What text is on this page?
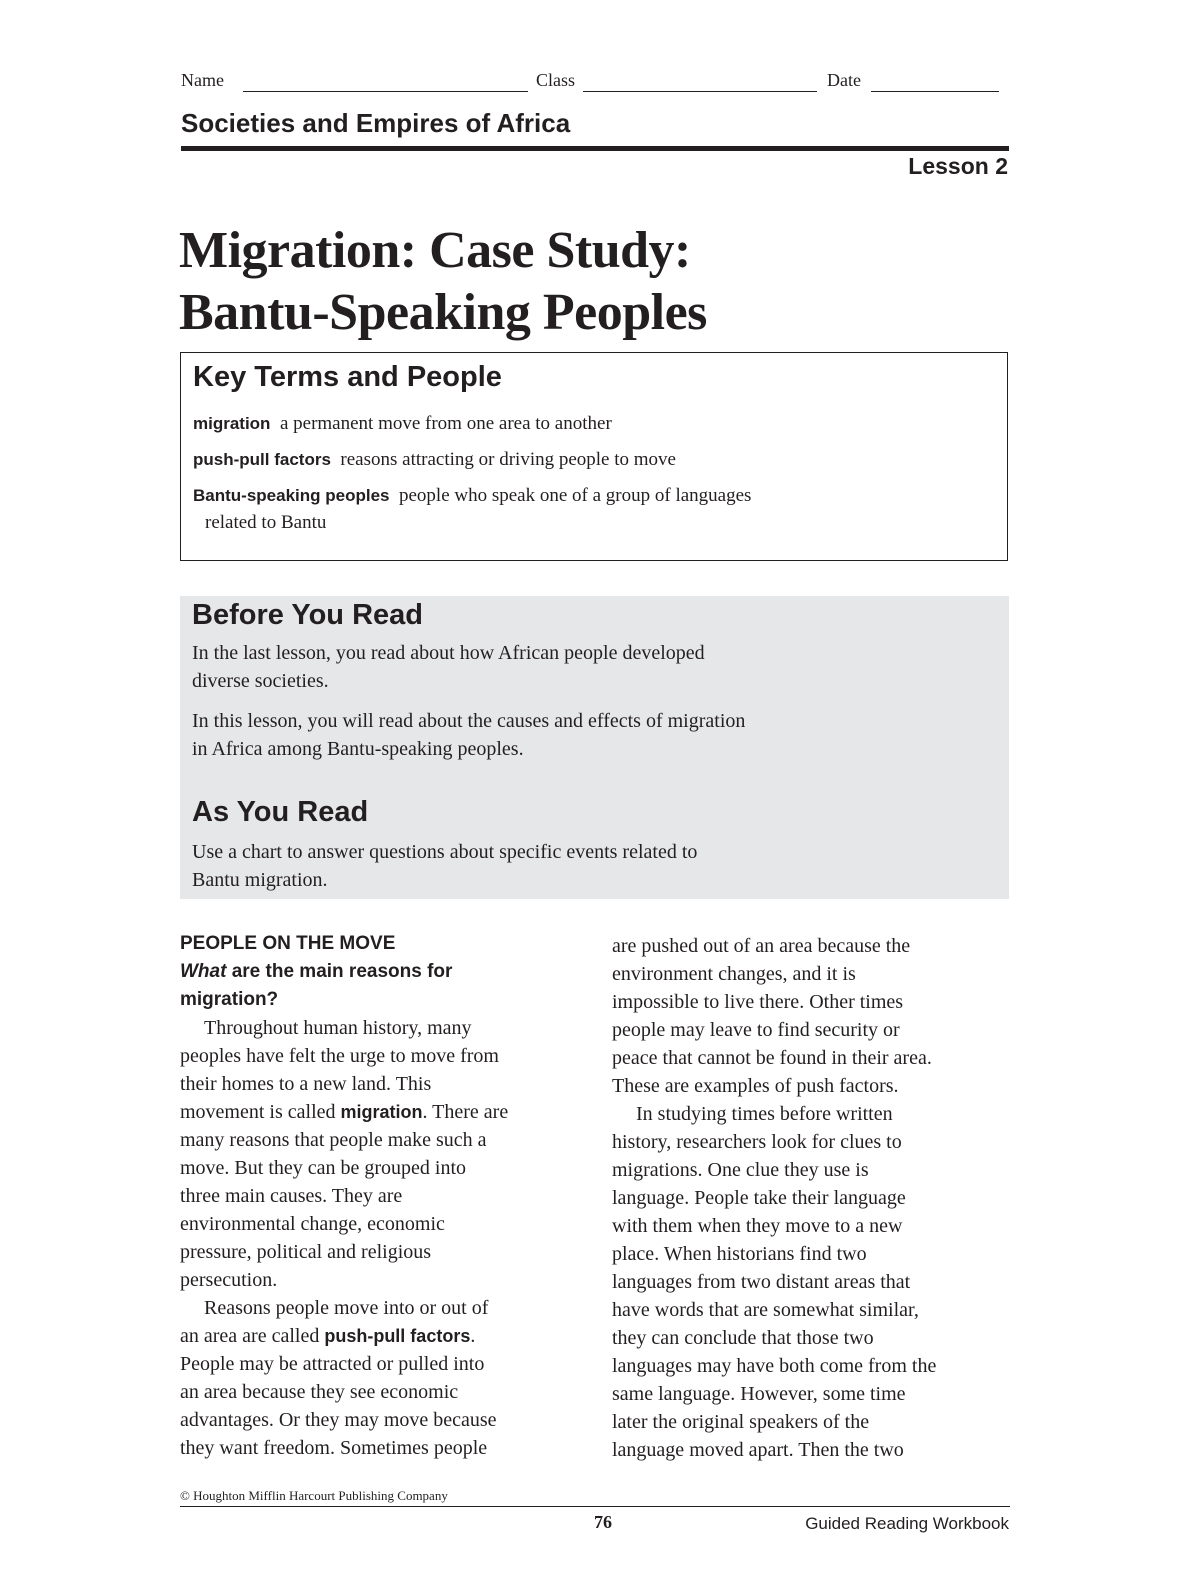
Name	Class	Date
Societies and Empires of Africa
Lesson 2
Migration: Case Study:
Bantu-Speaking Peoples
Key Terms and People
migration a permanent move from one area to another
push-pull factors reasons attracting or driving people to move
Bantu-speaking peoples people who speak one of a group of languages
related to Bantu
Before You Read

In the last lesson, you read about how African people developed
diverse societies.

In this lesson, you will read about the causes and effects of migration
in Africa among Bantu-speaking peoples.

As You Read

Use a chart to answer questions about specific events related to
Bantu migration.

PEOPLE ON THE MOVE
What are the main reasons for
migration?

Throughout human history, many
peoples have felt the urge to move from
their homes to a new land. This
movement is called migration. There are
many reasons that people make such a
move. But they can be grouped into
three main causes. They are
environmental change, economic
pressure, political and religious
persecution.

Reasons people move into or out of
an area are called push-pull factors.
People may be attracted or pulled into
an area because they see economic
advantages. Or they may move because
they want freedom. Sometimes people

are pushed out of an area because the
environment changes, and it is
impossible to live there. Other times
people may leave to find security or
peace that cannot be found in their area.
These are examples of push factors.

In studying times before written
history, researchers look for clues to
migrations. One clue they use is
language. People take their language
with them when they move to a new
place. When historians find two
languages from two distant areas that
have words that are somewhat similar,
they can conclude that those two
languages may have both come from the
same language. However, some time
later the original speakers of the
language moved apart. Then the two

© Houghton Mifflin Harcourt Publishing Company
76	Guided Reading Workbook
